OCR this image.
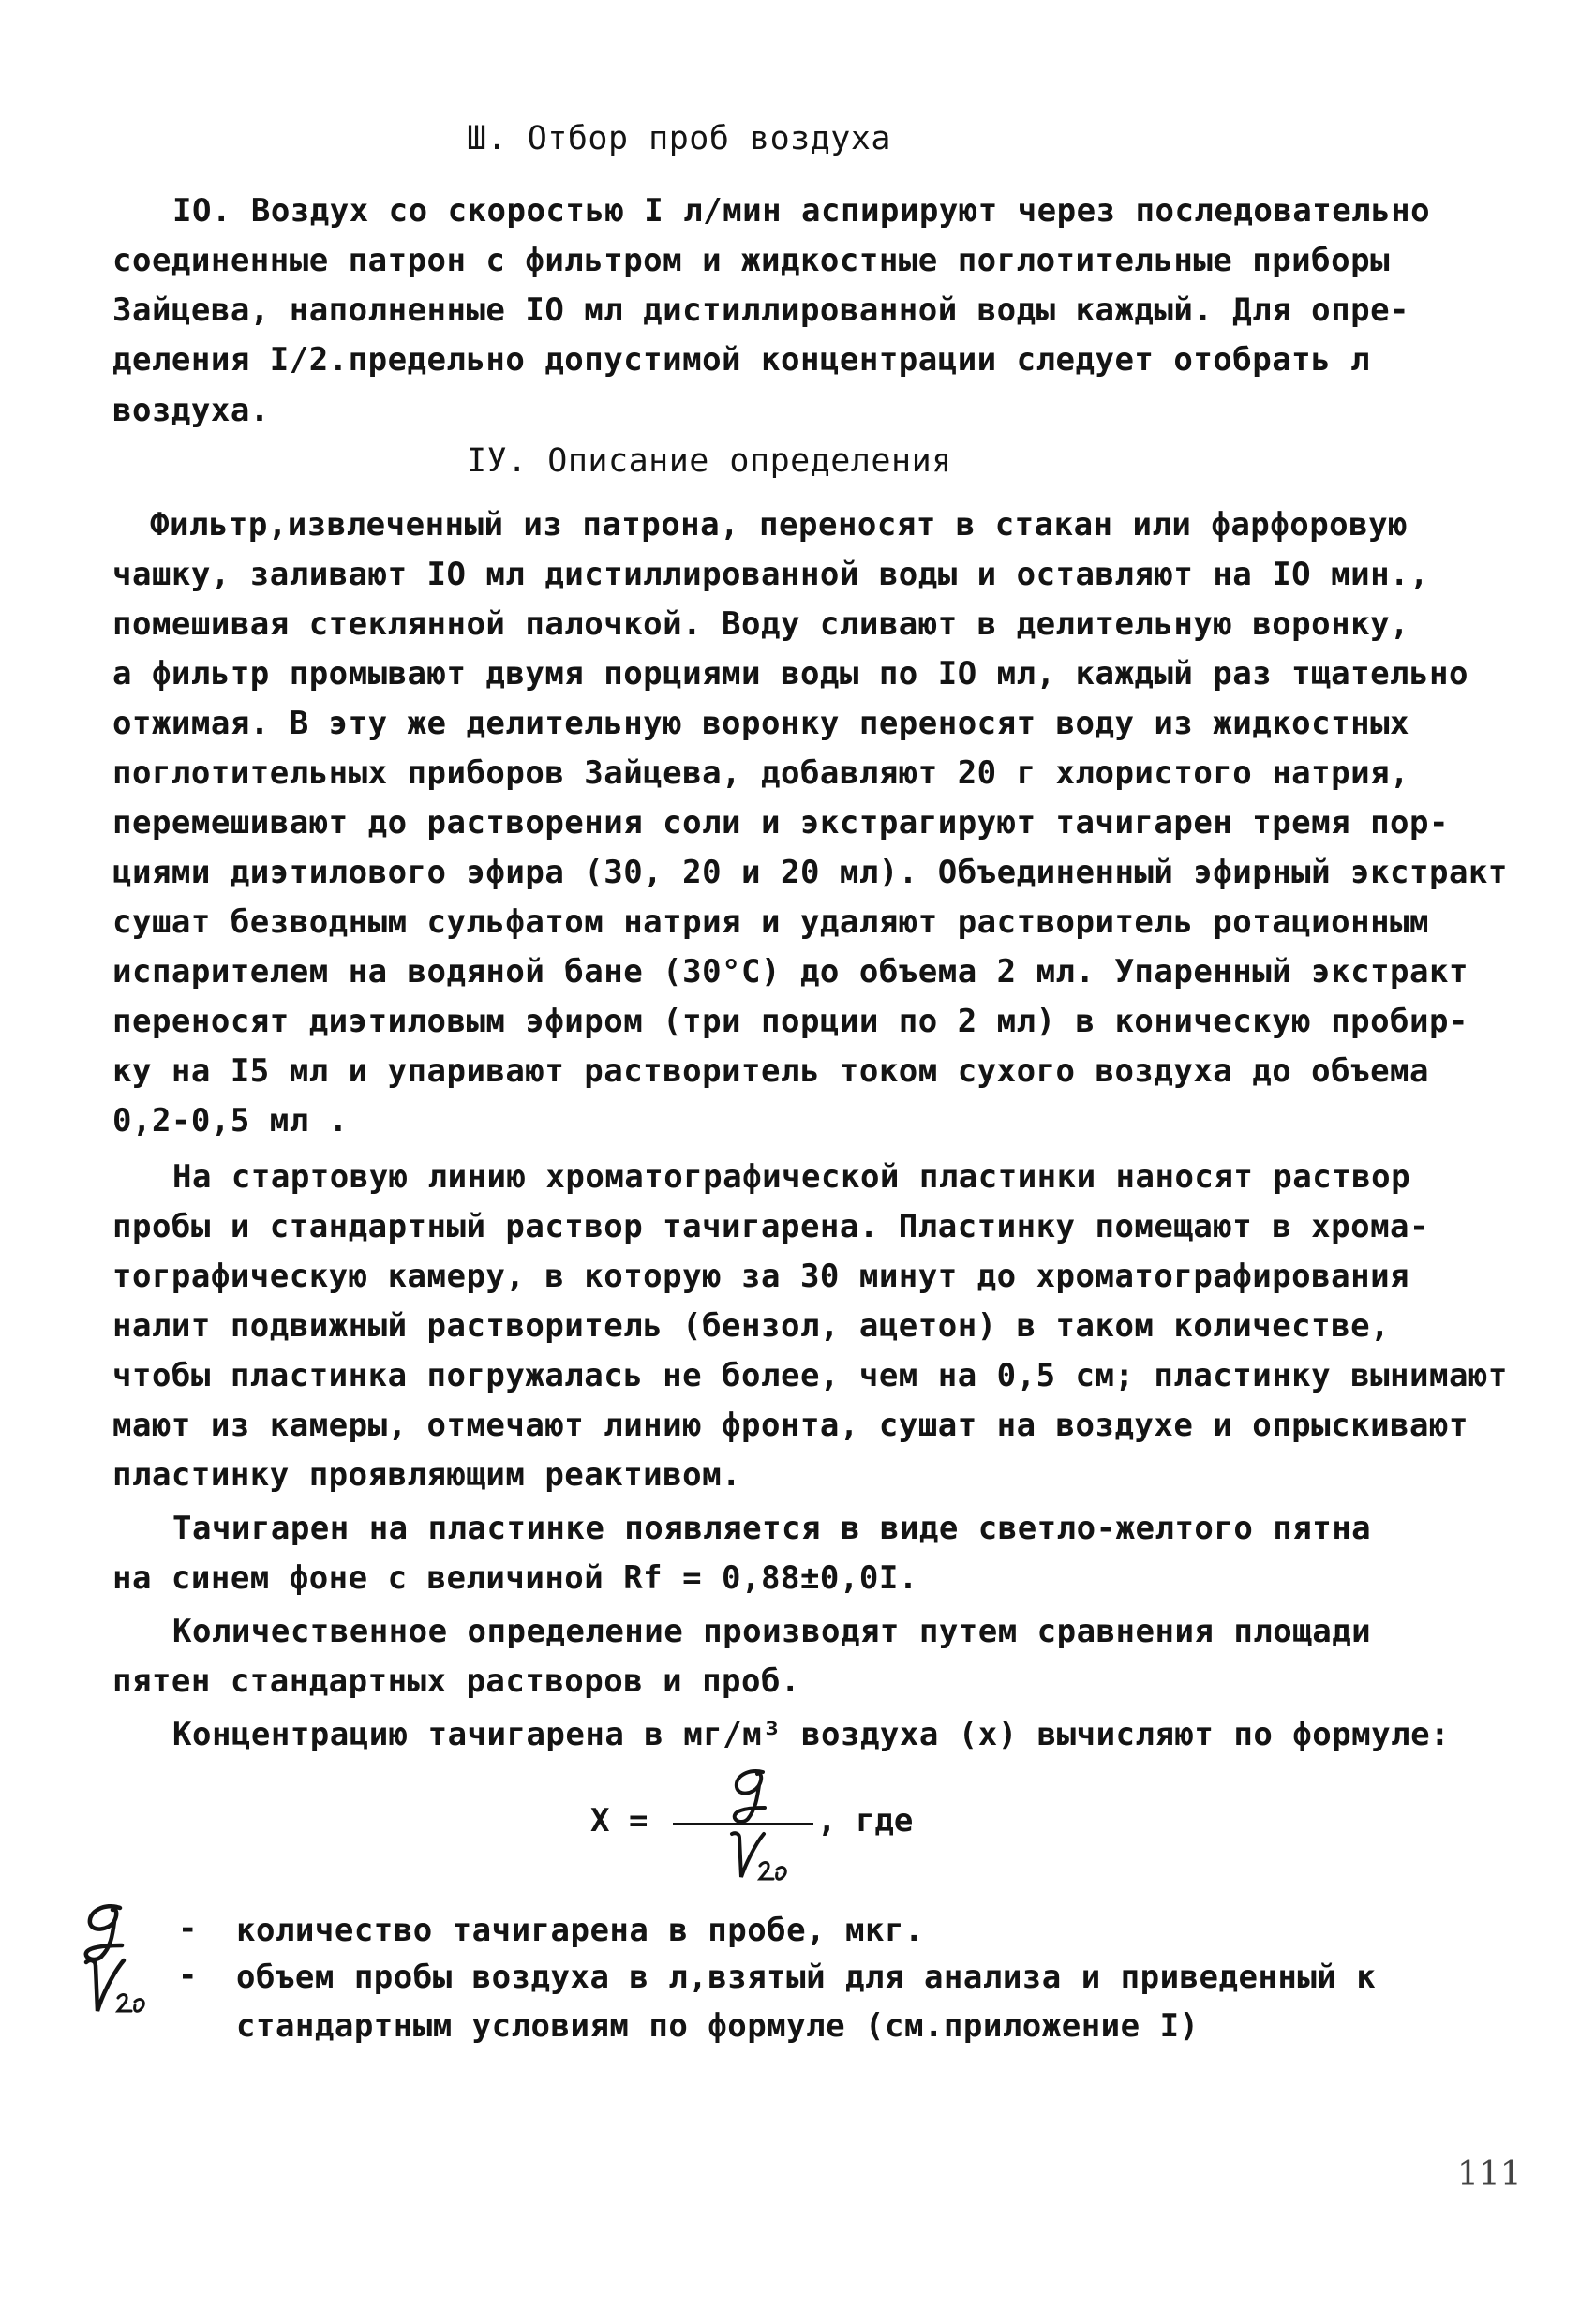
Ш. Отбор проб воздуха
IO. Воздух со скоростью I л/мин аспирируют через последовательно
соединенные патрон с фильтром и жидкостные поглотительные приборы
Зайцева, наполненные IO мл дистиллированной воды каждый. Для опре-
деления I/2.предельно допустимой концентрации следует отобрать л
воздуха.
IУ. Описание определения
Фильтр,извлеченный из патрона, переносят в стакан или фарфоровую
чашку, заливают IO мл дистиллированной воды и оставляют на IO мин.,
помешивая стеклянной палочкой. Воду сливают в делительную воронку,
а фильтр промывают двумя порциями воды по IO мл, каждый раз тщательно
отжимая. В эту же делительную воронку переносят воду из жидкостных
поглотительных приборов Зайцева, добавляют 20 г хлористого натрия,
перемешивают до растворения соли и экстрагируют тачигарен тремя пор-
циями диэтилового эфира (30, 20 и 20 мл). Объединенный эфирный экстракт
сушат безводным сульфатом натрия и удаляют растворитель ротационным
испарителем на водяной бане (30°С) до объема 2 мл. Упаренный экстракт
переносят диэтиловым эфиром (три порции по 2 мл) в коническую пробир-
ку на I5 мл и упаривают растворитель током сухого воздуха до объема
0,2-0,5 мл .
На стартовую линию хроматографической пластинки наносят раствор
пробы и стандартный раствор тачигарена. Пластинку помещают в хрома-
тографическую камеру, в которую за 30 минут до хроматографирования
налит подвижный растворитель (бензол, ацетон) в таком количестве,
чтобы пластинка погружалась не более, чем на 0,5 см; пластинку вынимают
мают из камеры, отмечают линию фронта, сушат на воздухе и опрыскивают
пластинку проявляющим реактивом.
Тачигарен на пластинке появляется в виде светло-желтого пятна
на синем фоне с величиной Rf = 0,88±0,0I.
Количественное определение производят путем сравнения площади
пятен стандартных растворов и проб.
Концентрацию тачигарена в мг/м³ воздуха (x) вычисляют по формуле:
X =	, где
- количество тачигарена в пробе, мкг.
- объем пробы воздуха в л,взятый для анализа и приведенный к
стандартным условиям по формуле (см.приложение I)
111
